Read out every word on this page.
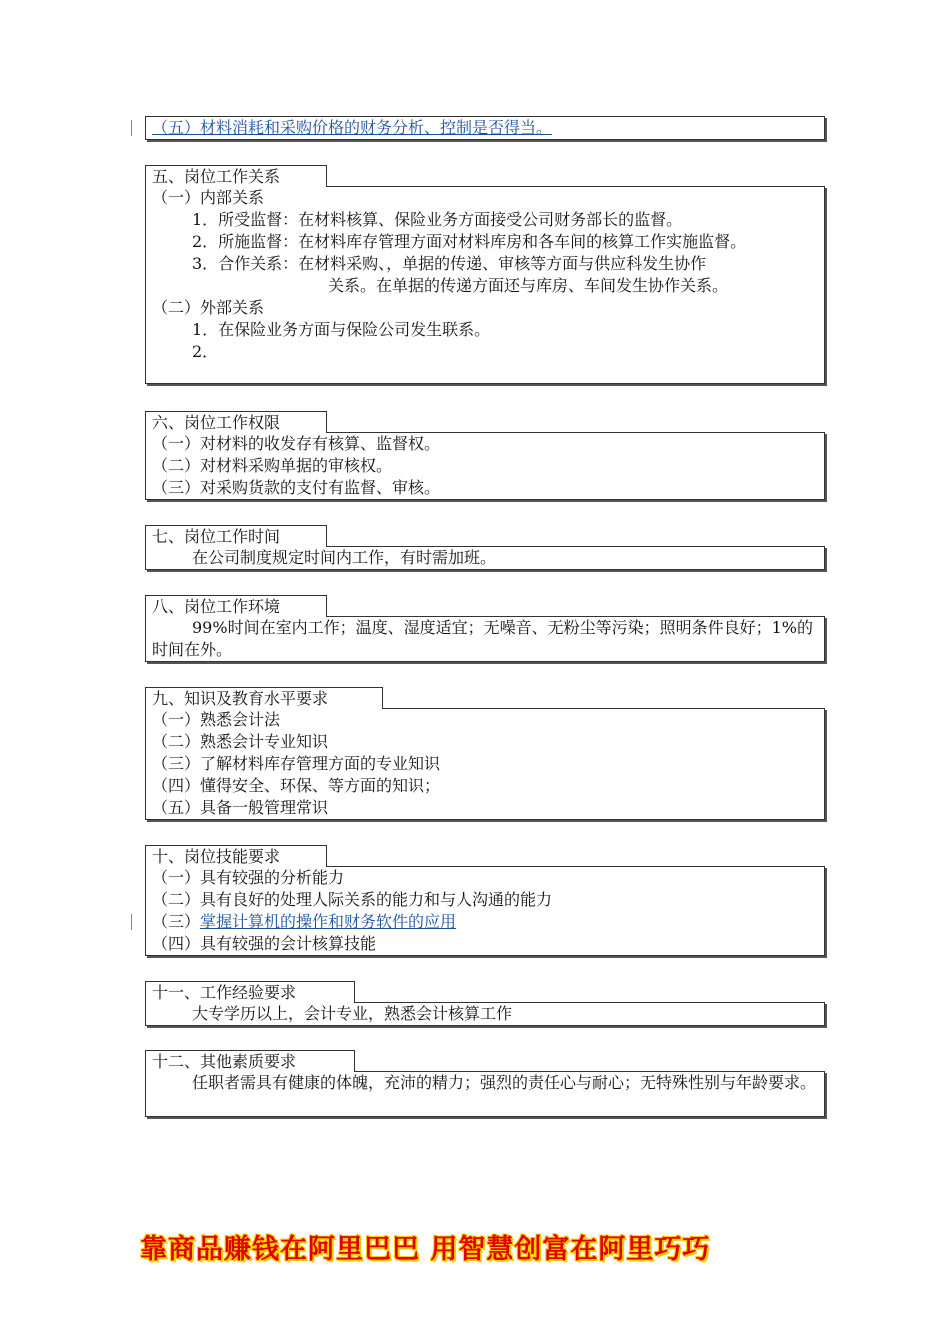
（五）材料消耗和采购价格的财务分析、控制是否得当。
五、岗位工作关系
（一）内部关系
1．所受监督：在材料核算、保险业务方面接受公司财务部长的监督。
2．所施监督：在材料库存管理方面对材料库房和各车间的核算工作实施监督。
3．合作关系：在材料采购、，单据的传递、审核等方面与供应科发生协作
关系。在单据的传递方面还与库房、车间发生协作关系。
（二）外部关系
1．在保险业务方面与保险公司发生联系。
2．
六、岗位工作权限
（一）对材料的收发存有核算、监督权。
（二）对材料采购单据的审核权。
（三）对采购货款的支付有监督、审核。
七、岗位工作时间
在公司制度规定时间内工作，有时需加班。
八、岗位工作环境
99%时间在室内工作；温度、湿度适宜；无噪音、无粉尘等污染；照明条件良好；1%的时间在外。
九、知识及教育水平要求
（一）熟悉会计法
（二）熟悉会计专业知识
（三）了解材料库存管理方面的专业知识
（四）懂得安全、环保、等方面的知识；
（五）具备一般管理常识
十、岗位技能要求
（一）具有较强的分析能力
（二）具有良好的处理人际关系的能力和与人沟通的能力
（三）掌握计算机的操作和财务软件的应用
（四）具有较强的会计核算技能
十一、工作经验要求
大专学历以上，会计专业，熟悉会计核算工作
十二、其他素质要求
任职者需具有健康的体魄，充沛的精力；强烈的责任心与耐心；无特殊性别与年龄要求。
靠商品赚钱在阿里巴巴 用智慧创富在阿里巧巧
